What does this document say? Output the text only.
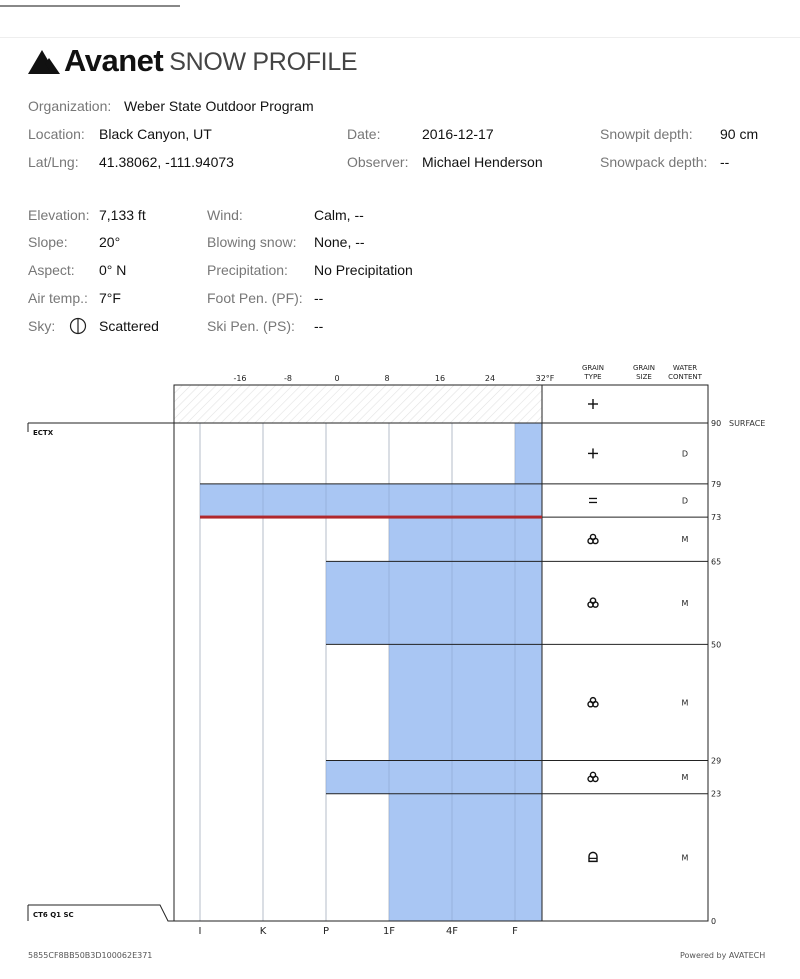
Avanet SNOW PROFILE
Organization: Weber State Outdoor Program
Location: Black Canyon, UT	Date:	2016-12-17	Snowpit depth: 90 cm
Lat/Lng: 41.38062, -111.94073	Observer: Michael Henderson	Snowpack depth: --
Elevation: 7,133 ft	Wind:	Calm, --
Slope: 20°	Blowing snow: None, --
Aspect: 0° N	Precipitation: No Precipitation
Air temp.: 7°F	Foot Pen. (PF): --
Sky:	Scattered	Ski Pen. (PS): --
-16	-8	0	8	16	24	32°F
GRAIN
TYPE
GRAIN
SIZE
WATER
CONTENT
I	K	P	1F	4F	F
90
79
73
65
50
29
23
0
SURFACE
D
D
M
M
M
M
M
ECTX
CT6 Q1 SC
5855CF8BB50B3D100062E371	Powered by AVATECH
